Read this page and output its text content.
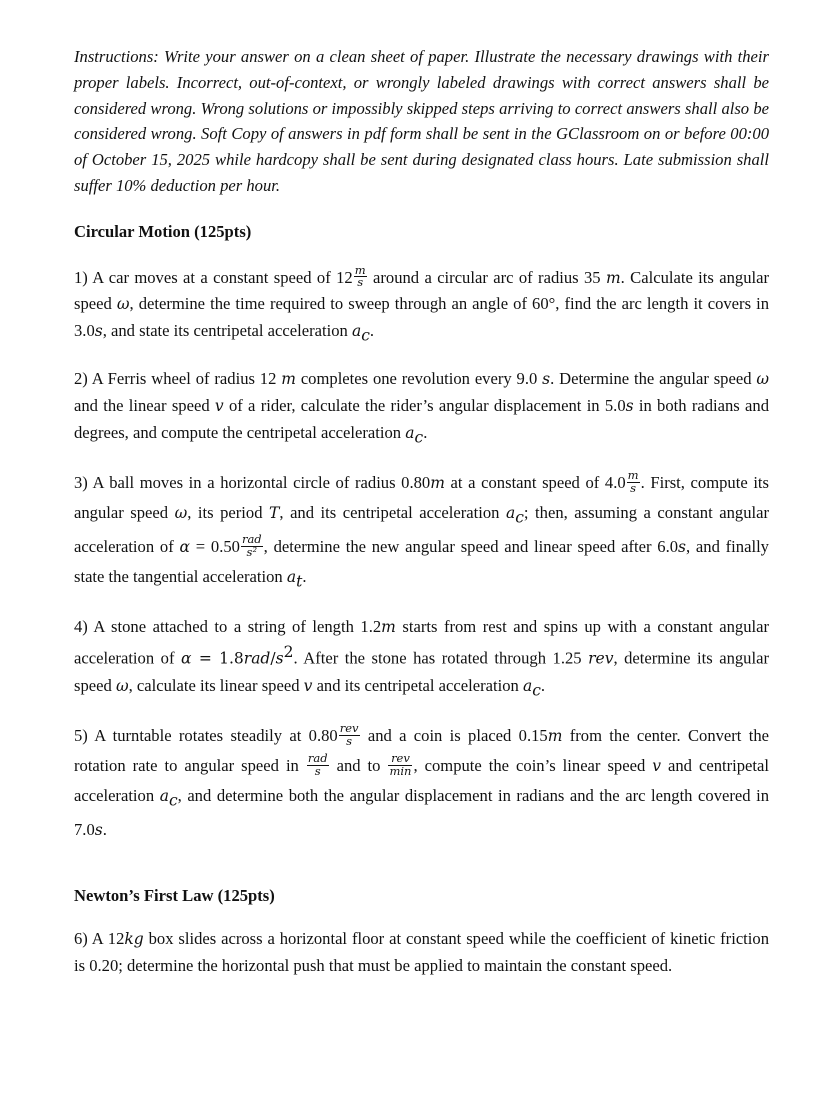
Instructions: Write your answer on a clean sheet of paper. Illustrate the necessary drawings with their proper labels. Incorrect, out-of-context, or wrongly labeled drawings with correct answers shall be considered wrong. Wrong solutions or impossibly skipped steps arriving to correct answers shall also be considered wrong. Soft Copy of answers in pdf form shall be sent in the GClassroom on or before 00:00 of October 15, 2025 while hardcopy shall be sent during designated class hours. Late submission shall suffer 10% deduction per hour.

Circular Motion (125pts)

1) A car moves at a constant speed of $12 \frac{m}{s}$ around a circular arc of radius 35 m. Calculate its angular speed ω, determine the time required to sweep through an angle of 60°, find the arc length it covers in 3.0s, and state its centripetal acceleration $a_c$.

2) A Ferris wheel of radius 12 m completes one revolution every 9.0 s. Determine the angular speed ω and the linear speed v of a rider, calculate the rider’s angular displacement in 5.0s in both radians and degrees, and compute the centripetal acceleration $a_c$.

3) A ball moves in a horizontal circle of radius 0.80m at a constant speed of $4.0 \frac{m}{s}$ . First, compute its angular speed ω, its period T, and its centripetal acceleration $a_c$; then, assuming a constant angular acceleration of $\alpha = 0.50 \frac{\text{rad}}{\text{s²}}$ , determine the new angular speed and linear speed after 6.0s, and finally state the tangential acceleration $a_t$.

4) A stone attached to a string of length 1.2m starts from rest and spins up with a constant angular acceleration of $\alpha = 1.8rad/s^2$. After the stone has rotated through 1.25 rev, determine its angular speed ω, calculate its linear speed v and its centripetal acceleration $a_c$.

5) A turntable rotates steadily at $0.80 \frac{\text{rev}}{s}$ and a coin is placed 0.15m from the center. Convert the rotation rate to angular speed in $\frac{\text{rad}}{s}$ and to $\frac{\text{rev}}{\min}$ , compute the coin’s linear speed v and centripetal acceleration $a_c$, and determine both the angular displacement in radians and the arc length covered in 7.0s.

Newton’s First Law (125pts)

6) A 12kg box slides across a horizontal floor at constant speed while the coefficient of kinetic friction is 0.20; determine the horizontal push that must be applied to maintain the constant speed.
